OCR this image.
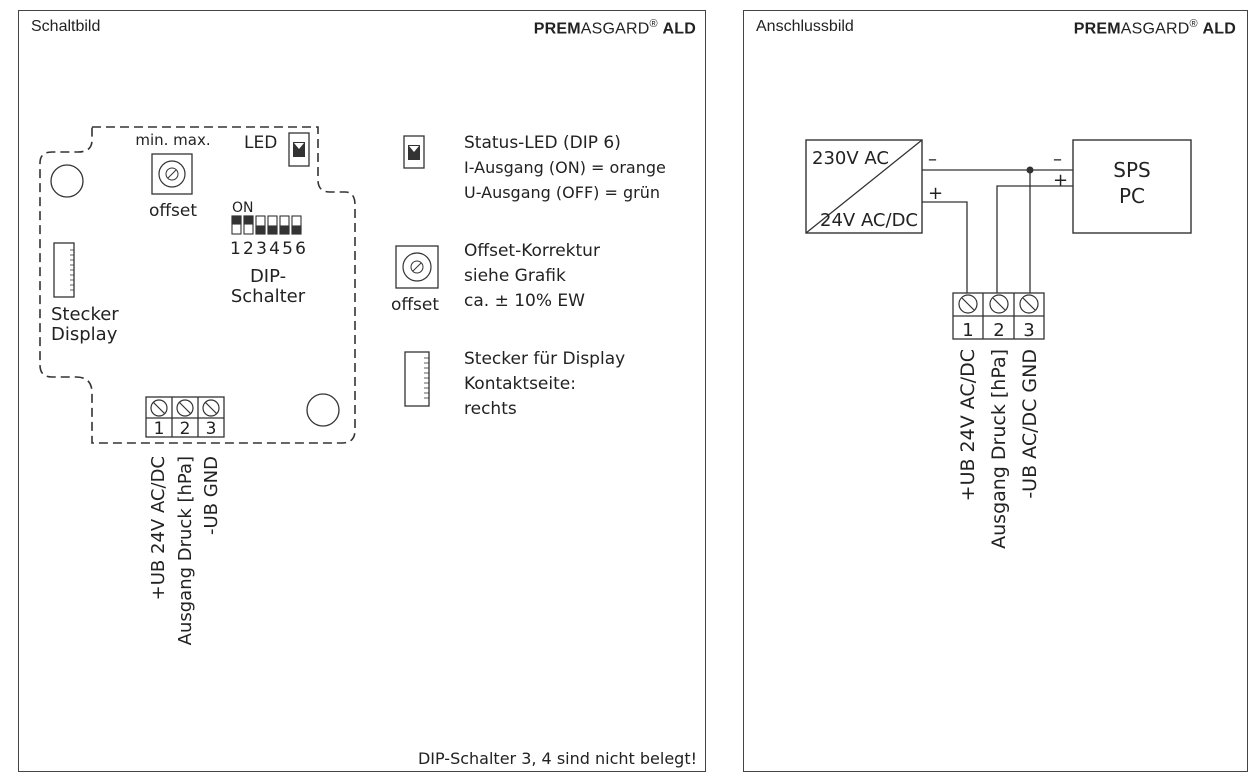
Schaltbild	PREMASGARD® ALD	Anschlussbild	PREMASGARD® ALD
min. max.
offset
LED
ON
123456
DIP-
Schalter
Stecker
Display
1 2 3
+UB 24V AC/DC Ausgang Druck [hPa] -UB GND
Status-LED (DIP 6)
I-Ausgang (ON) = orange
U-Ausgang (OFF) = grün
offset
Offset-Korrektur
siehe Grafik
ca. ± 10% EW
Stecker für Display
Kontaktseite:
rechts
DIP-Schalter 3, 4 sind nicht belegt!
230V AC
24V AC/DC
SPS
PC
–
+
–
+
1 2 3
+UB 24V AC/DC Ausgang Druck [hPa] -UB AC/DC GND
